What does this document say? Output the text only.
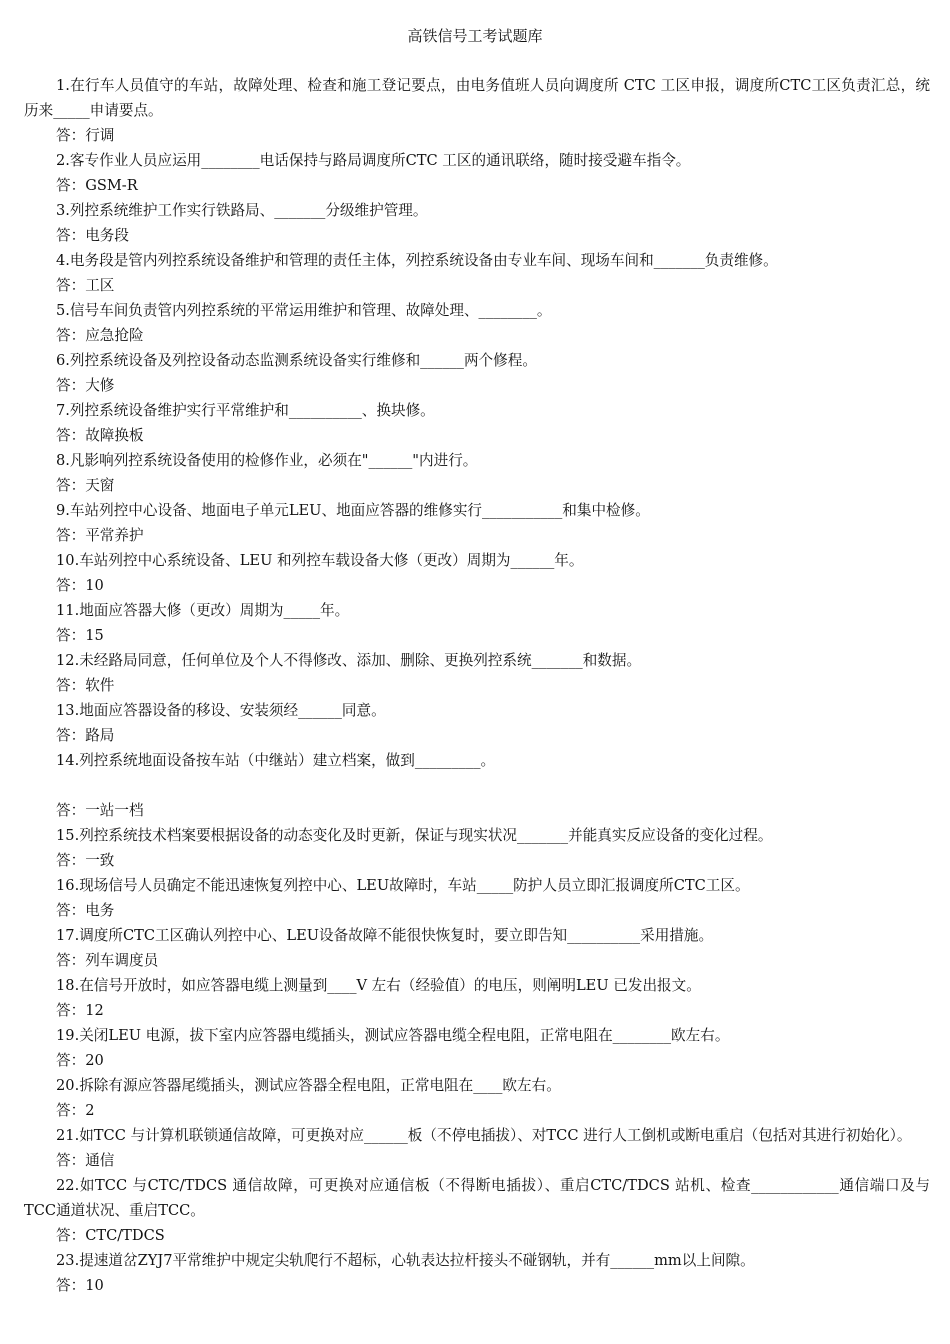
高铁信号工考试题库

1.在行车人员值守的车站，故障处理、检查和施工登记要点，由电务值班人员向调度所 CTC 工区申报，调度所CTC工区负责汇总，统历来_____申请要点。

答：行调

2.客专作业人员应运用________电话保持与路局调度所CTC 工区的通讯联络，随时接受避车指令。

答：GSM-R

3.列控系统维护工作实行铁路局、_______分级维护管理。

答：电务段

4.电务段是管内列控系统设备维护和管理的责任主体，列控系统设备由专业车间、现场车间和_______负责维修。

答：工区

5.信号车间负责管内列控系统的平常运用维护和管理、故障处理、________。

答：应急抢险

6.列控系统设备及列控设备动态监测系统设备实行维修和______两个修程。

答：大修

7.列控系统设备维护实行平常维护和__________、换块修。

答：故障换板

8.凡影响列控系统设备使用的检修作业，必须在"______"内进行。

答：天窗

9.车站列控中心设备、地面电子单元LEU、地面应答器的维修实行___________和集中检修。

答：平常养护

10.车站列控中心系统设备、LEU 和列控车载设备大修（更改）周期为______年。

答：10

11.地面应答器大修（更改）周期为_____年。

答：15

12.未经路局同意，任何单位及个人不得修改、添加、删除、更换列控系统_______和数据。

答：软件

13.地面应答器设备的移设、安装须经______同意。

答：路局

14.列控系统地面设备按车站（中继站）建立档案，做到_________。

答：一站一档

15.列控系统技术档案要根据设备的动态变化及时更新，保证与现实状况_______并能真实反应设备的变化过程。

答：一致

16.现场信号人员确定不能迅速恢复列控中心、LEU故障时，车站_____防护人员立即汇报调度所CTC工区。

答：电务

17.调度所CTC工区确认列控中心、LEU设备故障不能很快恢复时，要立即告知__________采用措施。

答：列车调度员

18.在信号开放时，如应答器电缆上测量到____V 左右（经验值）的电压，则阐明LEU 已发出报文。

答：12

19.关闭LEU 电源，拔下室内应答器电缆插头，测试应答器电缆全程电阻，正常电阻在________欧左右。

答：20

20.拆除有源应答器尾缆插头，测试应答器全程电阻，正常电阻在____欧左右。

答：2

21.如TCC 与计算机联锁通信故障，可更换对应______板（不停电插拔）、对TCC 进行人工倒机或断电重启（包括对其进行初始化）。

答：通信

22.如TCC 与CTC/TDCS 通信故障，可更换对应通信板（不得断电插拔）、重启CTC/TDCS 站机、检查____________通信端口及与TCC通道状况、重启TCC。

答：CTC/TDCS

23.提速道岔ZYJ7平常维护中规定尖轨爬行不超标，心轨表达拉杆接头不碰钢轨，并有______mm以上间隙。

答：10
